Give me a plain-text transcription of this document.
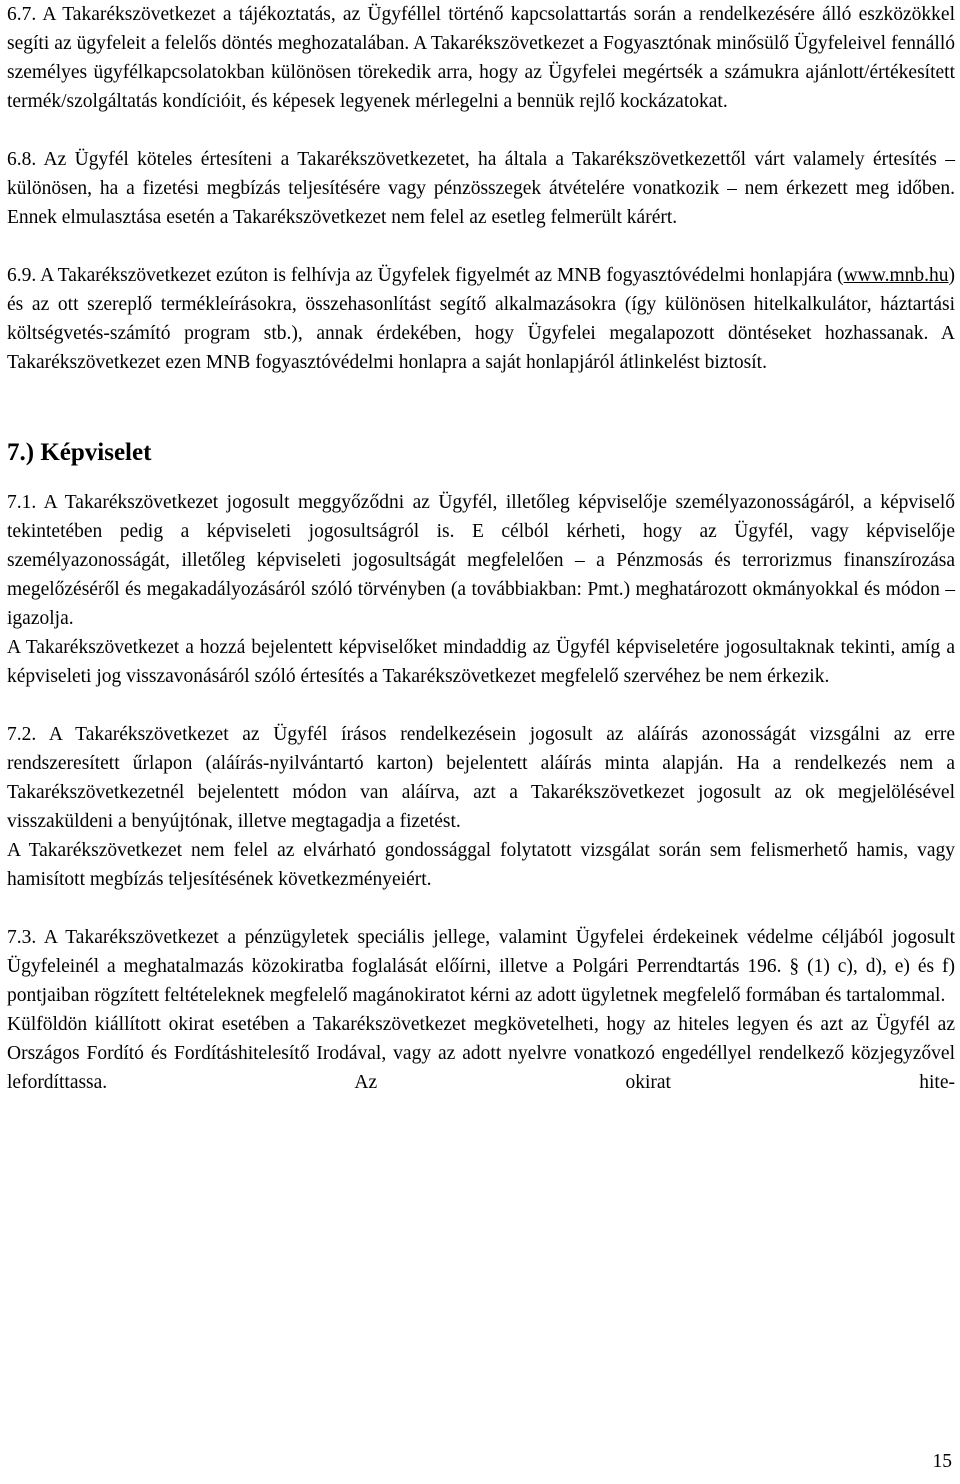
6.7. A Takarékszövetkezet a tájékoztatás, az Ügyféllel történő kapcsolattartás során a rendelkezésére álló eszközökkel segíti az ügyfeleit a felelős döntés meghozatalában. A Takarékszövetkezet a Fogyasztónak minősülő Ügyfeleivel fennálló személyes ügyfélkapcsolatokban különösen törekedik arra, hogy az Ügyfelei megértsék a számukra ajánlott/értékesített termék/szolgáltatás kondícióit, és képesek legyenek mérlegelni a bennük rejlő kockázatokat.

6.8. Az Ügyfél köteles értesíteni a Takarékszövetkezetet, ha általa a Takarékszövetkezettől várt valamely értesítés – különösen, ha a fizetési megbízás teljesítésére vagy pénzösszegek átvételére vonatkozik – nem érkezett meg időben. Ennek elmulasztása esetén a Takarékszövetkezet nem felel az esetleg felmerült kárért.

6.9. A Takarékszövetkezet ezúton is felhívja az Ügyfelek figyelmét az MNB fogyasztóvédelmi honlapjára (www.mnb.hu) és az ott szereplő termékleírásokra, összehasonlítást segítő alkalmazásokra (így különösen hitelkalkulátor, háztartási költségvetés-számító program stb.), annak érdekében, hogy Ügyfelei megalapozott döntéseket hozhassanak. A Takarékszövetkezet ezen MNB fogyasztóvédelmi honlapra a saját honlapjáról átlinkelést biztosít.

7.) Képviselet

7.1. A Takarékszövetkezet jogosult meggyőződni az Ügyfél, illetőleg képviselője személyazonosságáról, a képviselő tekintetében pedig a képviseleti jogosultságról is. E célból kérheti, hogy az Ügyfél, vagy képviselője személyazonosságát, illetőleg képviseleti jogosultságát megfelelően – a Pénzmosás és terrorizmus finanszírozása megelőzéséről és megakadályozásáról szóló törvényben (a továbbiakban: Pmt.) meghatározott okmányokkal és módon – igazolja.

A Takarékszövetkezet a hozzá bejelentett képviselőket mindaddig az Ügyfél képviseletére jogosultaknak tekinti, amíg a képviseleti jog visszavonásáról szóló értesítés a Takarékszövetkezet megfelelő szervéhez be nem érkezik.

7.2. A Takarékszövetkezet az Ügyfél írásos rendelkezésein jogosult az aláírás azonosságát vizsgálni az erre rendszeresített űrlapon (aláírás-nyilvántartó karton) bejelentett aláírás minta alapján. Ha a rendelkezés nem a Takarékszövetkezetnél bejelentett módon van aláírva, azt a Takarékszövetkezet jogosult az ok megjelölésével visszaküldeni a benyújtónak, illetve megtagadja a fizetést.

A Takarékszövetkezet nem felel az elvárható gondossággal folytatott vizsgálat során sem felismerhető hamis, vagy hamisított megbízás teljesítésének következményeiért.

7.3. A Takarékszövetkezet a pénzügyletek speciális jellege, valamint Ügyfelei érdekeinek védelme céljából jogosult Ügyfeleinél a meghatalmazás közokiratba foglalását előírni, illetve a Polgári Perrendtartás 196. § (1) c), d), e) és f) pontjaiban rögzített feltételeknek megfelelő magánokiratot kérni az adott ügyletnek megfelelő formában és tartalommal.

Külföldön kiállított okirat esetében a Takarékszövetkezet megkövetelheti, hogy az hiteles legyen és azt az Ügyfél az Országos Fordító és Fordításhitelesítő Irodával, vagy az adott nyelvre vonatkozó engedéllyel rendelkező közjegyzővel lefordíttassa. Az okirat hite-

15
